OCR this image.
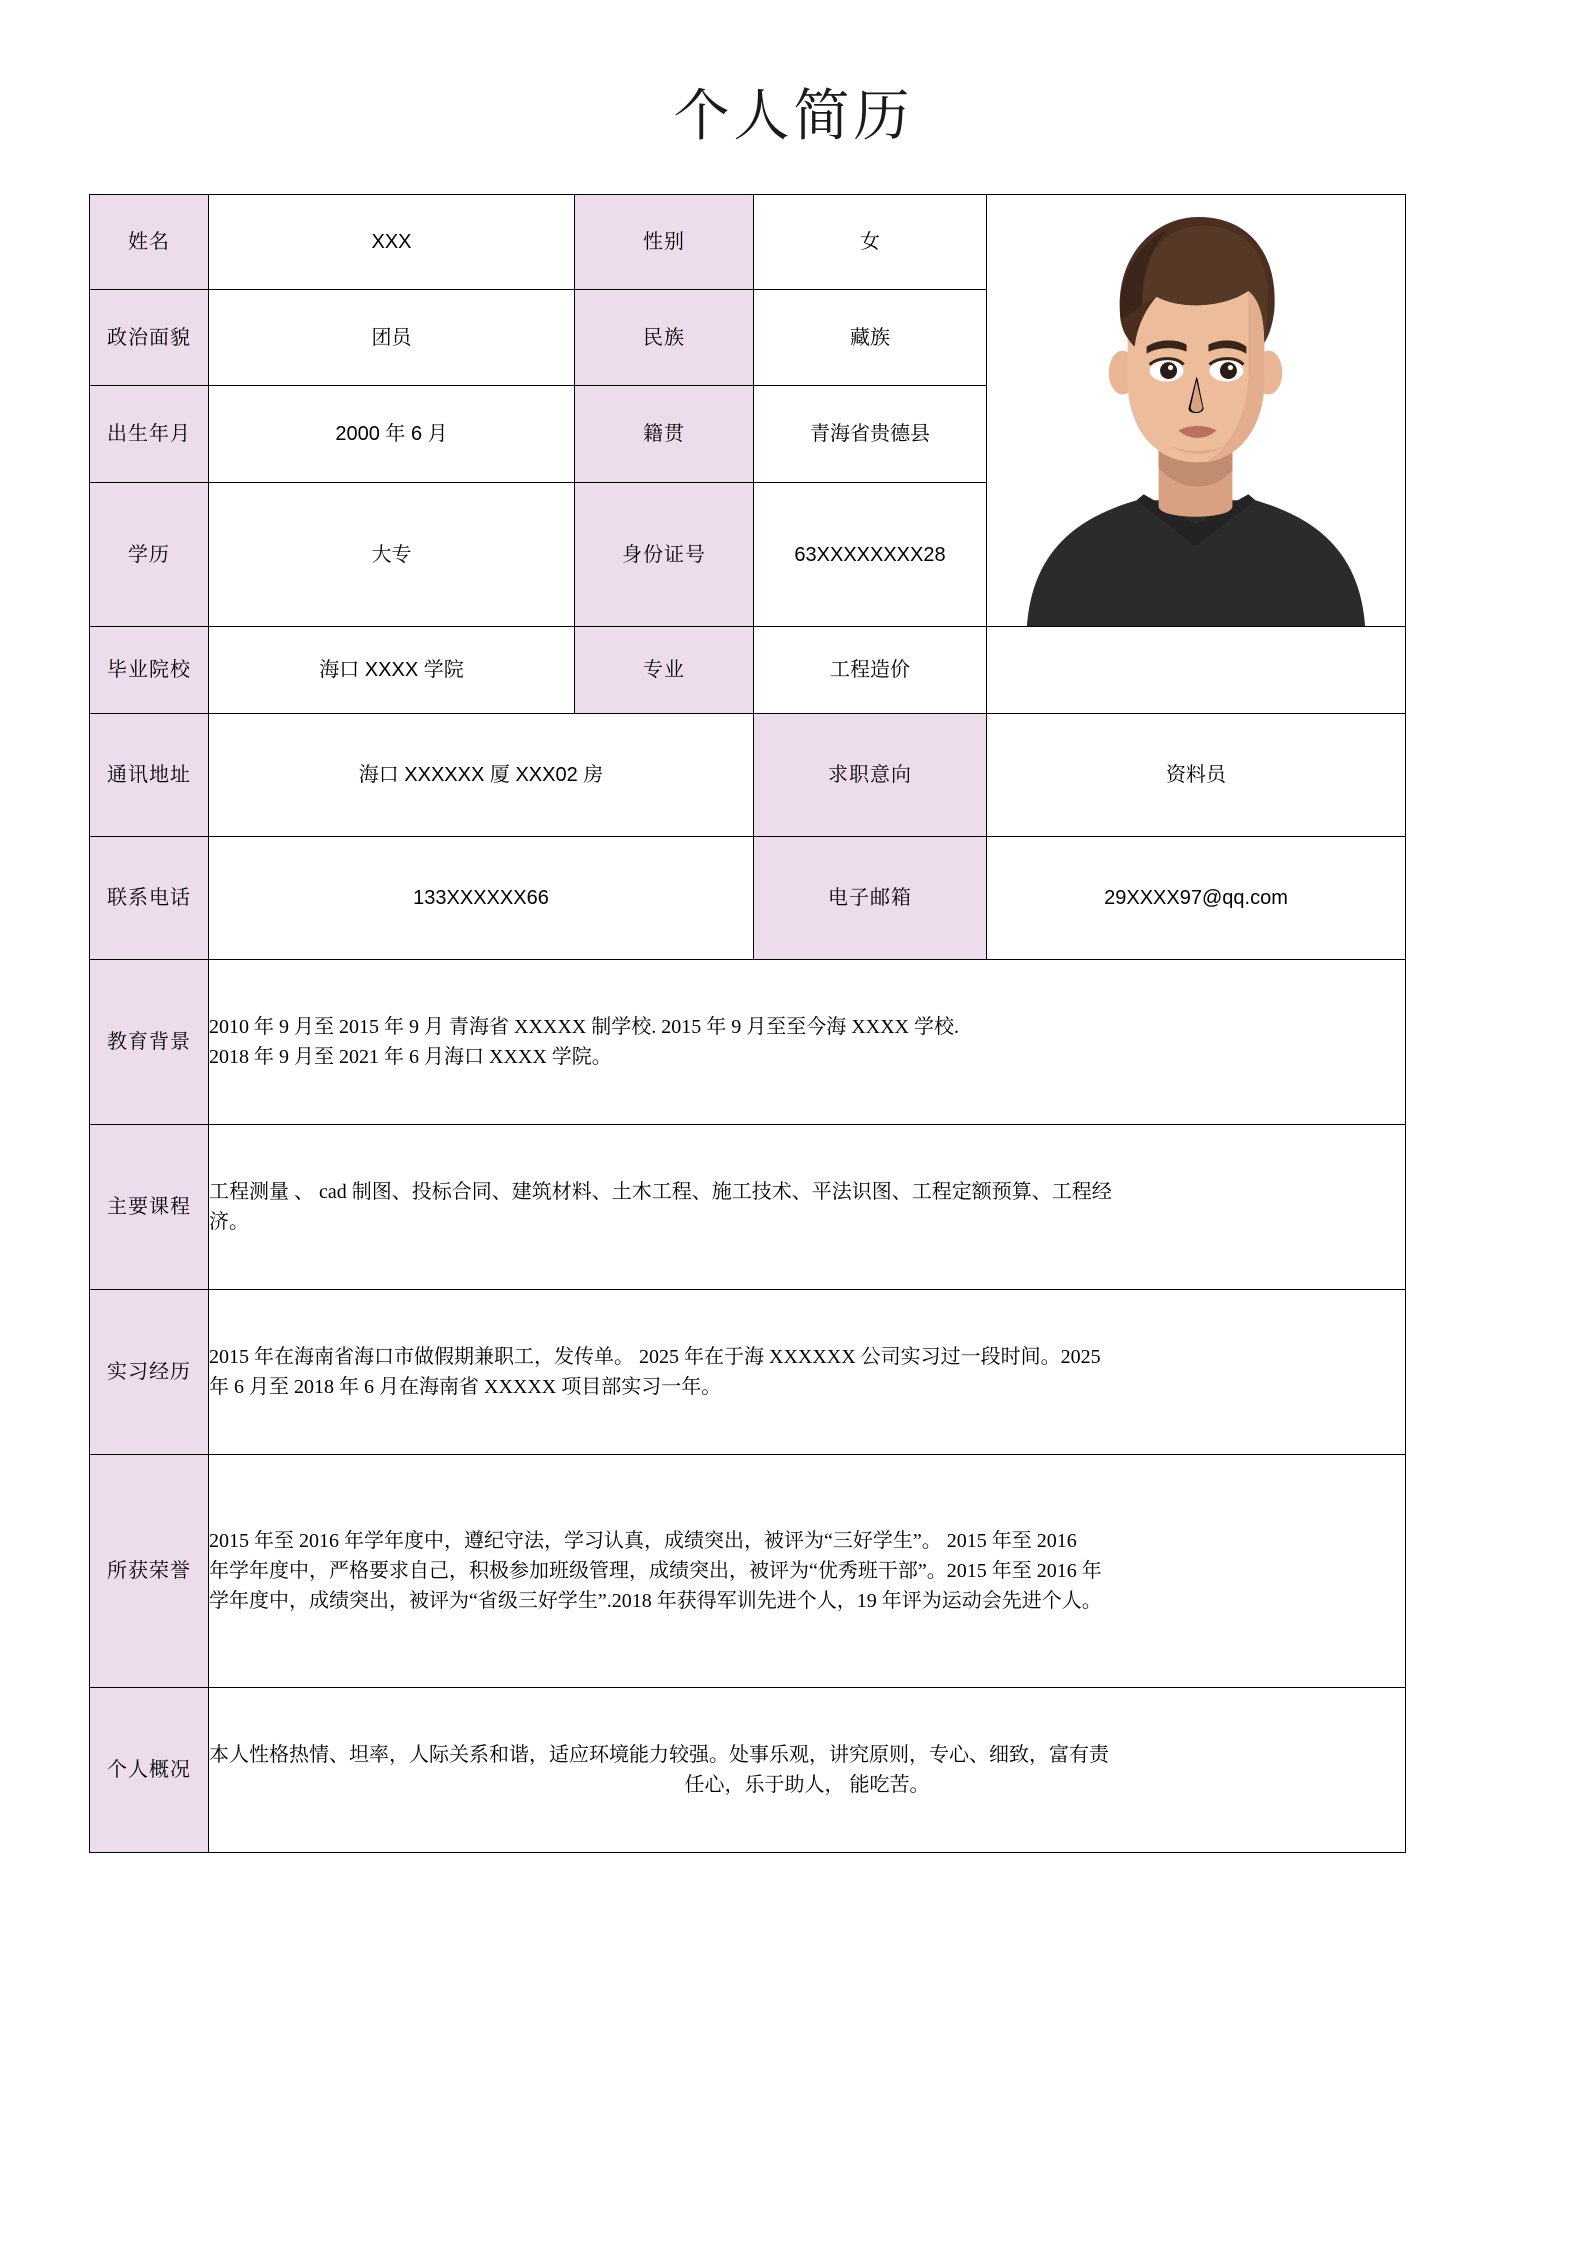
个人简历
姓名	XXX	性别	女	

政治面貌	团员	民族	藏族	
出生年月	2000 年 6 月	籍贯	青海省贵德县	
学历	大专	身份证号	63XXXXXXXX28	
毕业院校	海口 XXXX 学院	专业	工程造价	
通讯地址	海口 XXXXXX 厦 XXX02 房		求职意向	资料员
联系电话	133XXXXXX66		电子邮箱	29XXXX97@qq.com
教育背景	2010 年 9 月至 2015 年 9 月 青海省 XXXXX 制学校. 2015 年 9 月至至今海 XXXX 学校.

2018 年 9 月至 2021 年 6 月海口 XXXX 学院。			

主要课程	工程测量 、 cad 制图、投标合同、建筑材料、土木工程、施工技术、平法识图、工程定额预算、工程经

济。			

实习经历	2015 年在海南省海口市做假期兼职工，发传单。 2025 年在于海 XXXXXX 公司实习过一段时间。2025

年 6 月至 2018 年 6 月在海南省 XXXXX 项目部实习一年。			

所获荣誉	2015 年至 2016 年学年度中，遵纪守法，学习认真，成绩突出，被评为“三好学生”。 2015 年至 2016

年学年度中，严格要求自己，积极参加班级管理，成绩突出，被评为“优秀班干部”。2015 年至 2016 年

学年度中，成绩突出，被评为“省级三好学生”.2018 年获得军训先进个人，19 年评为运动会先进个人。			

个人概况	本人性格热情、坦率，人际关系和谐，适应环境能力较强。处事乐观，讲究原则，专心、细致，富有责

任心，乐于助人， 能吃苦。			
